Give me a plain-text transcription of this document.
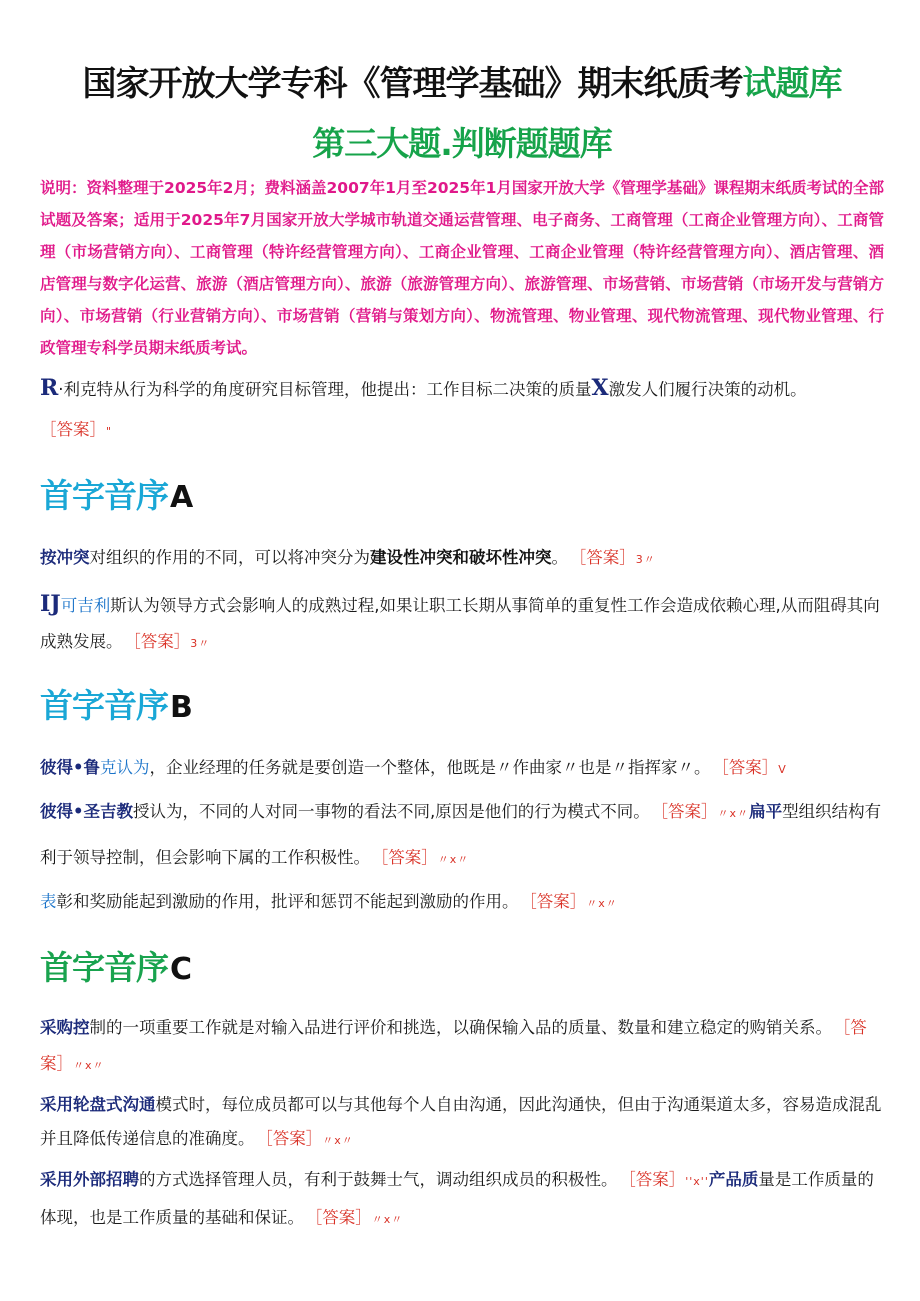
国家开放大学专科《管理学基础》期末纸质考试题库
第三大题.判断题题库

说明：资料整理于2025年2月；费料涵盖2007年1月至2025年1月国家开放大学《管理学基础》课程期末纸质考试的全部试题及答案；适用于2025年7月国家开放大学城市轨道交通运营管理、电子商务、工商管理（工商企业管理方向）、工商管理（市场营销方向）、工商管理（特许经营管理方向）、工商企业管理、工商企业管理（特许经营管理方向）、酒店管理、酒店管理与数字化运营、旅游（酒店管理方向）、旅游（旅游管理方向）、旅游管理、市场营销、市场营销（市场开发与营销方向）、市场营销（行业营销方向）、市场营销（营销与策划方向）、物流管理、物业管理、现代物流管理、现代物业管理、行政管理专科学员期末纸质考试。

R·利克特从行为科学的角度研究目标管理，他提出：工作目标二决策的质量X激发人们履行决策的动机。
［答案］"

首字音序A

按冲突对组织的作用的不同，可以将冲突分为建设性冲突和破坏性冲突。 ［答案］3〃

IJ可吉利斯认为领导方式会影响人的成熟过程,如果让职工长期从事简单的重复性工作会造成依赖心理,从而阻碍其向成熟发展。 ［答案］3〃

首字音序B

彼得•鲁克认为，企业经理的任务就是要创造一个整体，他既是〃作曲家〃也是〃指挥家〃。 ［答案］V

彼得•圣吉教授认为，不同的人对同一事物的看法不同,原因是他们的行为模式不同。 ［答案］〃x〃扁平型组织结构有利于领导控制，但会影响下属的工作积极性。 ［答案］〃x〃

表彰和奖励能起到激励的作用，批评和惩罚不能起到激励的作用。 ［答案］〃x〃

首字音序C

采购控制的一项重要工作就是对输入品进行评价和挑选，以确保输入品的质量、数量和建立稳定的购销关系。 ［答案］〃x〃

采用轮盘式沟通模式时，每位成员都可以与其他每个人自由沟通，因此沟通快，但由于沟通渠道太多，容易造成混乱并且降低传递信息的准确度。 ［答案］〃x〃

采用外部招聘的方式选择管理人员，有利于鼓舞士气，调动组织成员的积极性。 ［答案］''x''产品质量是工作质量的体现，也是工作质量的基础和保证。 ［答案］〃x〃
